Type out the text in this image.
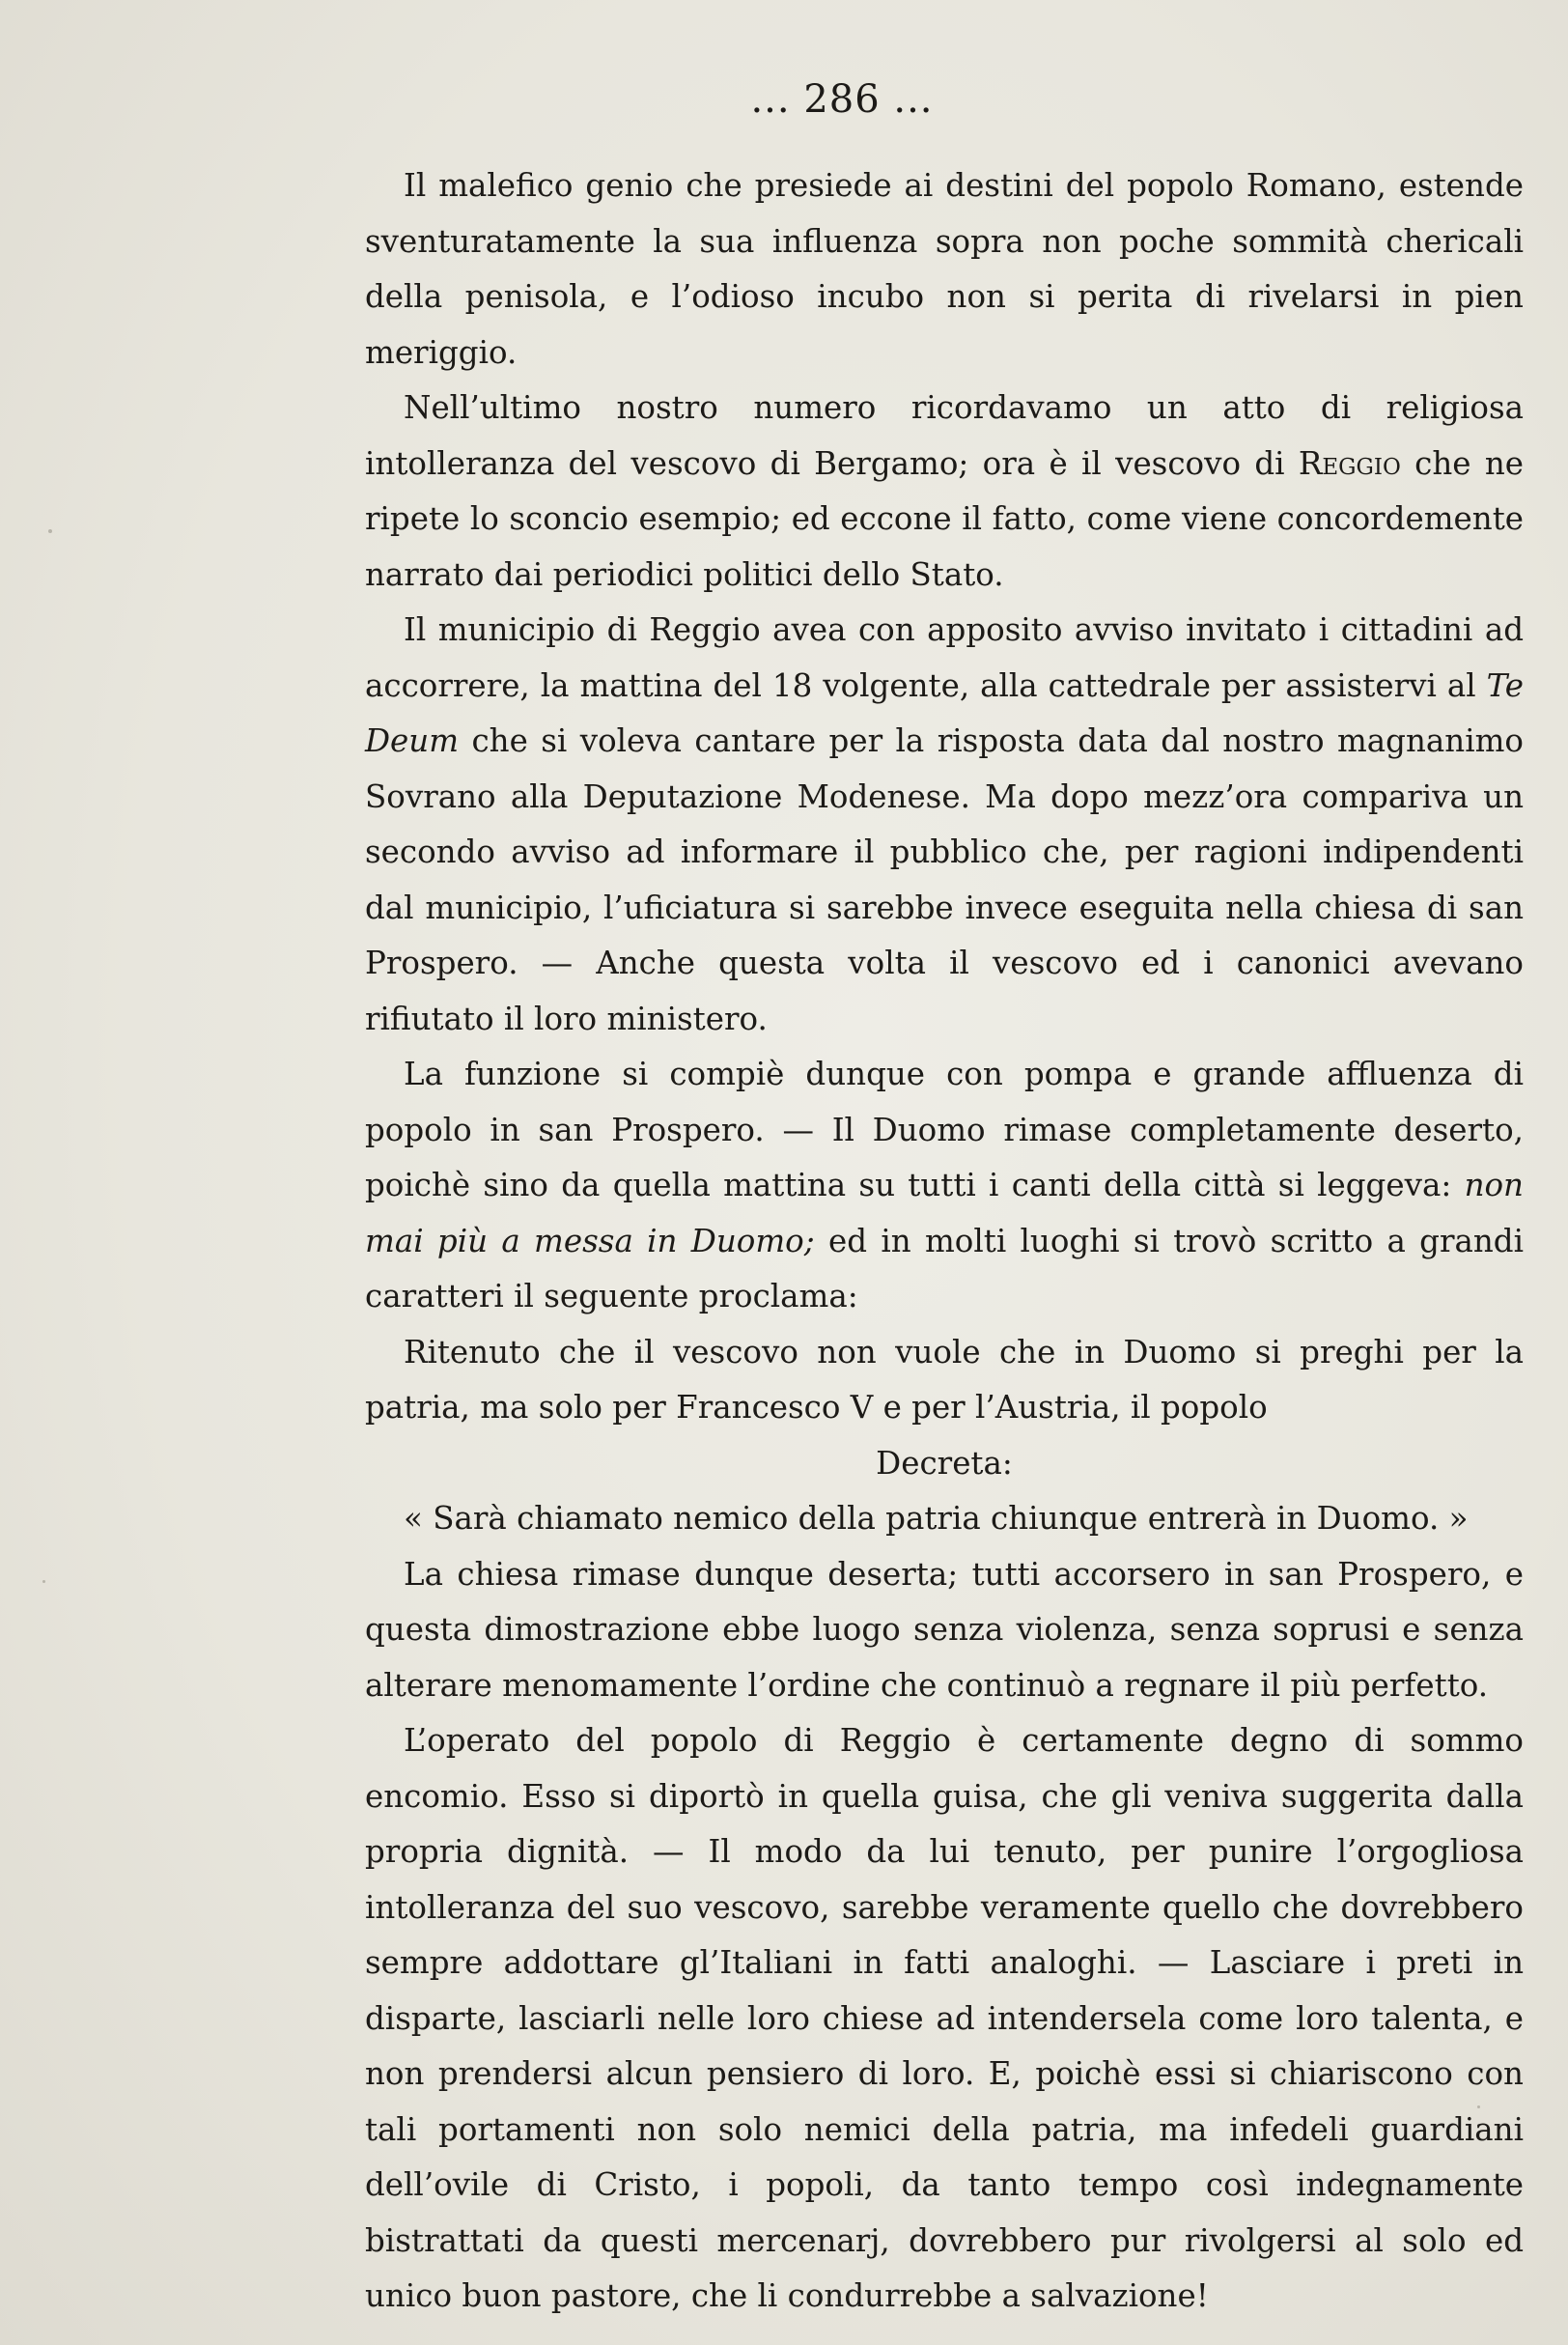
... 286 ...

Il malefico genio che presiede ai destini del popolo Romano, estende sventuratamente la sua influenza sopra non poche sommità chericali della penisola, e l’odioso incubo non si perita di rivelarsi in pien meriggio.

Nell’ultimo nostro numero ricordavamo un atto di religiosa intolleranza del vescovo di Bergamo; ora è il vescovo di Reggio che ne ripete lo sconcio esempio; ed eccone il fatto, come viene concordemente narrato dai periodici politici dello Stato.

Il municipio di Reggio avea con apposito avviso invitato i cittadini ad accorrere, la mattina del 18 volgente, alla cattedrale per assistervi al Te Deum che si voleva cantare per la risposta data dal nostro magnanimo Sovrano alla Deputazione Modenese. Ma dopo mezz’ora compariva un secondo avviso ad informare il pubblico che, per ragioni indipendenti dal municipio, l’uficiatura si sarebbe invece eseguita nella chiesa di san Prospero. — Anche questa volta il vescovo ed i canonici avevano rifiutato il loro ministero.

La funzione si compiè dunque con pompa e grande affluenza di popolo in san Prospero. — Il Duomo rimase completamente deserto, poichè sino da quella mattina su tutti i canti della città si leggeva: non mai più a messa in Duomo; ed in molti luoghi si trovò scritto a grandi caratteri il seguente proclama:

Ritenuto che il vescovo non vuole che in Duomo si preghi per la patria, ma solo per Francesco V e per l’Austria, il popolo

Decreta:

« Sarà chiamato nemico della patria chiunque entrerà in Duomo. »

La chiesa rimase dunque deserta; tutti accorsero in san Prospero, e questa dimostrazione ebbe luogo senza violenza, senza soprusi e senza alterare menomamente l’ordine che continuò a regnare il più perfetto.

L’operato del popolo di Reggio è certamente degno di sommo encomio. Esso si diportò in quella guisa, che gli veniva suggerita dalla propria dignità. — Il modo da lui tenuto, per punire l’orgogliosa intolleranza del suo vescovo, sarebbe veramente quello che dovrebbero sempre addottare gl’Italiani in fatti analoghi. — Lasciare i preti in disparte, lasciarli nelle loro chiese ad intendersela come loro talenta, e non prendersi alcun pensiero di loro. E, poichè essi si chiariscono con tali portamenti non solo nemici della patria, ma infedeli guardiani dell’ovile di Cristo, i popoli, da tanto tempo così indegnamente bistrattati da questi mercenarj, dovrebbero pur rivolgersi al solo ed unico buon pastore, che li condurrebbe a salvazione!
